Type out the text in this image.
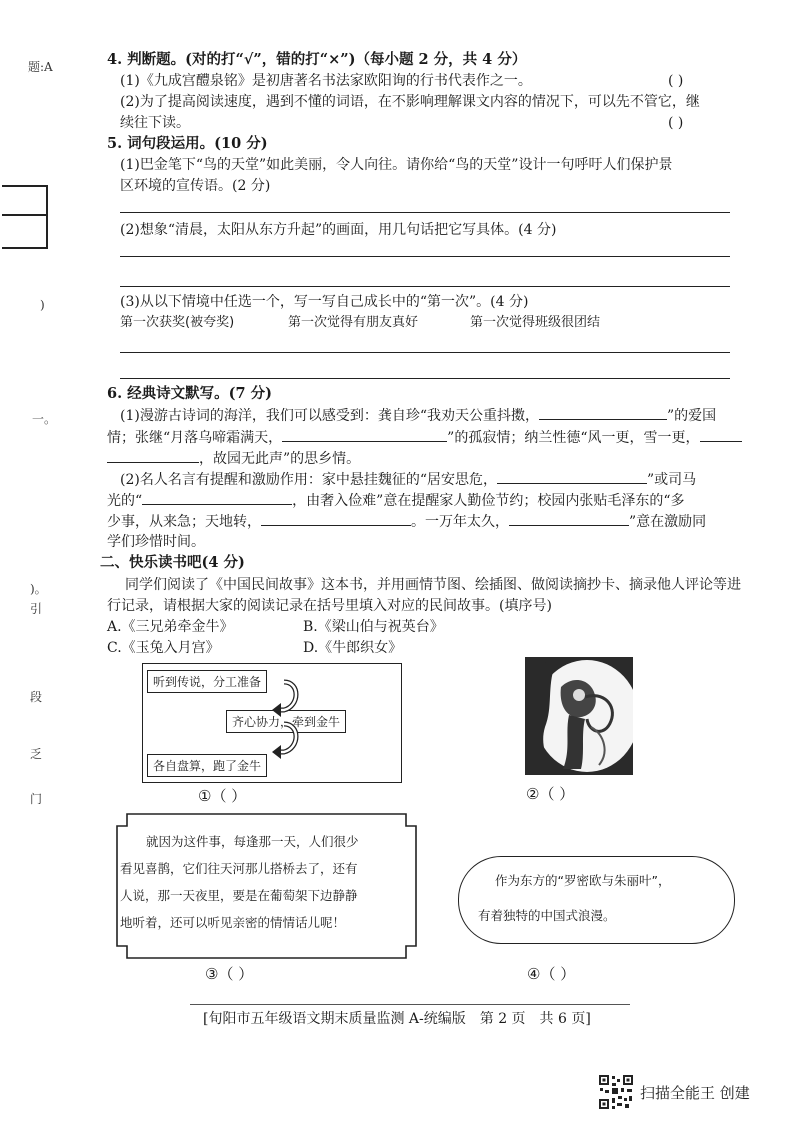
题:A
)
一。
)。
引
段
乏
门
4. 判断题。(对的打“√”，错的打“×”)（每小题 2 分，共 4 分）
(1)《九成宫醴泉铭》是初唐著名书法家欧阳询的行书代表作之一。	( )
(2)为了提高阅读速度，遇到不懂的词语，在不影响理解课文内容的情况下，可以先不管它，继
续往下读。	( )
5. 词句段运用。(10 分)
(1)巴金笔下“鸟的天堂”如此美丽，令人向往。请你给“鸟的天堂”设计一句呼吁人们保护景
区环境的宣传语。(2 分)
(2)想象“清晨，太阳从东方升起”的画面，用几句话把它写具体。(4 分)
(3)从以下情境中任选一个，写一写自己成长中的“第一次”。(4 分)
第一次获奖(被夸奖)	第一次觉得有朋友真好	第一次觉得班级很团结
6. 经典诗文默写。(7 分)
(1)漫游古诗词的海洋，我们可以感受到：龚自珍“我劝天公重抖擞，	”的爱国
情；张继“月落乌啼霜满天，	”的孤寂情；纳兰性德“风一更，雪一更，
，故园无此声”的思乡情。
(2)名人名言有提醒和激励作用：家中悬挂魏征的“居安思危，	”或司马
光的“	，由奢入俭难”意在提醒家人勤俭节约；校园内张贴毛泽东的“多
少事，从来急；天地转，	。一万年太久，	”意在激励同
学们珍惜时间。
二、快乐读书吧(4 分)
同学们阅读了《中国民间故事》这本书，并用画情节图、绘插图、做阅读摘抄卡、摘录他人评论等进
行记录，请根据大家的阅读记录在括号里填入对应的民间故事。(填序号)
A.《三兄弟牵金牛》	B.《梁山伯与祝英台》
C.《玉兔入月宫》	D.《牛郎织女》
听到传说，分工准备
齐心协力，牵到金牛
各自盘算，跑了金牛
①（ ）	②（ ）
就因为这件事，每逢那一天，人们很少
看见喜鹊，它们往天河那儿搭桥去了，还有
人说，那一天夜里，要是在葡萄架下边静静
地听着，还可以听见亲密的情情话儿呢！
③（ ）
作为东方的“罗密欧与朱丽叶”，
有着独特的中国式浪漫。
④（ ）
[旬阳市五年级语文期末质量监测 A-统编版　第 2 页　共 6 页]
扫描全能王 创建
